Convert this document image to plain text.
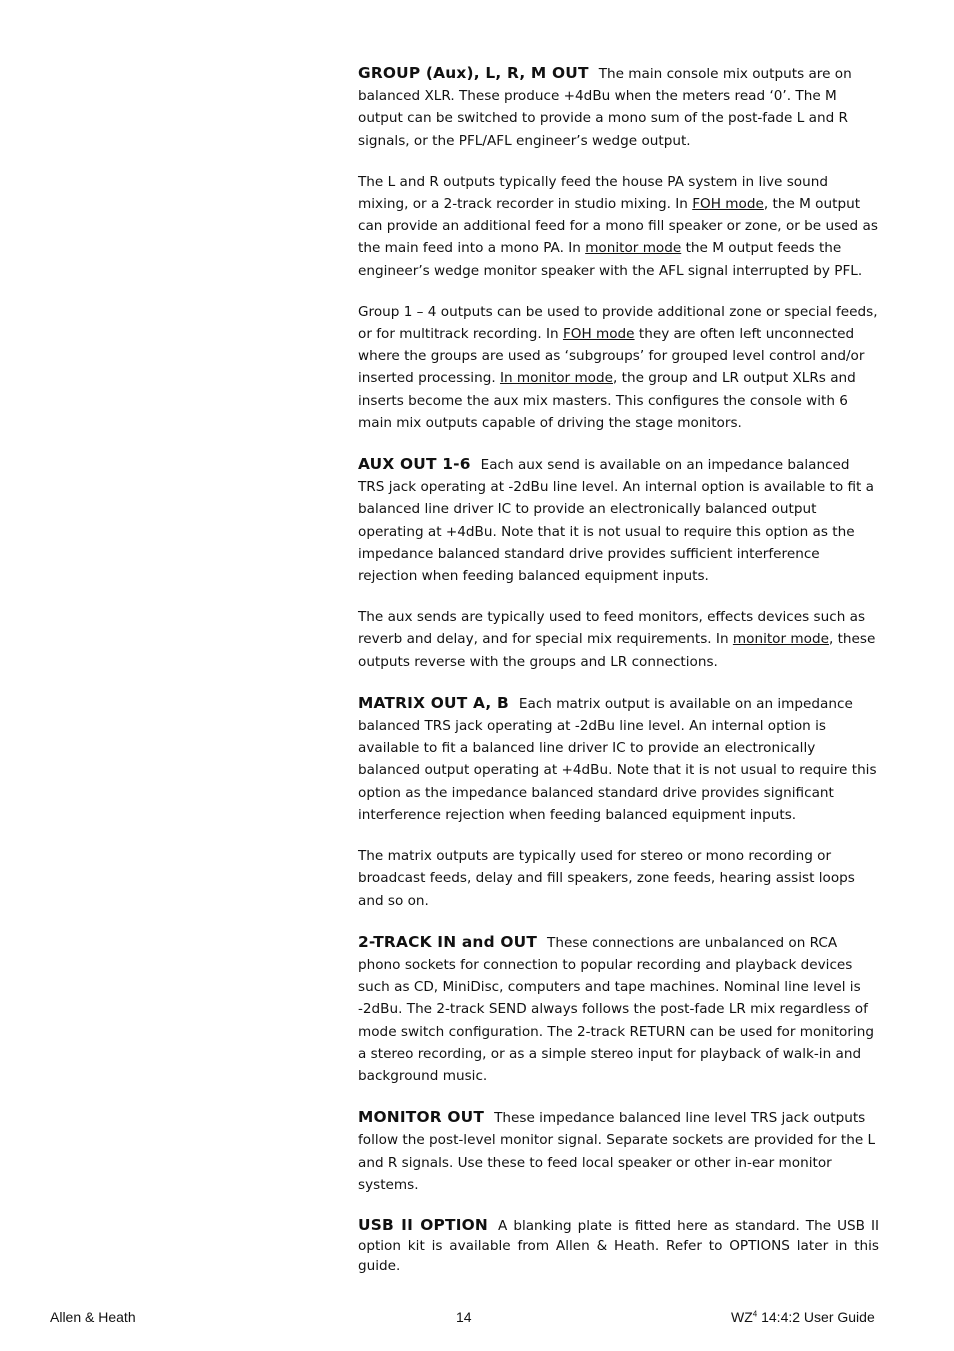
GROUP (Aux), L, R, M OUT The main console mix outputs are on balanced XLR. These produce +4dBu when the meters read ‘0’. The M output can be switched to provide a mono sum of the post-fade L and R signals, or the PFL/AFL engineer’s wedge output.

The L and R outputs typically feed the house PA system in live sound mixing, or a 2-track recorder in studio mixing. In FOH mode, the M output can provide an additional feed for a mono fill speaker or zone, or be used as the main feed into a mono PA. In monitor mode the M output feeds the engineer’s wedge monitor speaker with the AFL signal interrupted by PFL.

Group 1 – 4 outputs can be used to provide additional zone or special feeds, or for multitrack recording. In FOH mode they are often left unconnected where the groups are used as ‘subgroups’ for grouped level control and/or inserted processing. In monitor mode, the group and LR output XLRs and inserts become the aux mix masters. This configures the console with 6 main mix outputs capable of driving the stage monitors.

AUX OUT 1-6 Each aux send is available on an impedance balanced TRS jack operating at -2dBu line level. An internal option is available to fit a balanced line driver IC to provide an electronically balanced output operating at +4dBu. Note that it is not usual to require this option as the impedance balanced standard drive provides sufficient interference rejection when feeding balanced equipment inputs.

The aux sends are typically used to feed monitors, effects devices such as reverb and delay, and for special mix requirements. In monitor mode, these outputs reverse with the groups and LR connections.

MATRIX OUT A, B Each matrix output is available on an impedance balanced TRS jack operating at -2dBu line level. An internal option is available to fit a balanced line driver IC to provide an electronically balanced output operating at +4dBu. Note that it is not usual to require this option as the impedance balanced standard drive provides significant interference rejection when feeding balanced equipment inputs.

The matrix outputs are typically used for stereo or mono recording or broadcast feeds, delay and fill speakers, zone feeds, hearing assist loops and so on.

2-TRACK IN and OUT These connections are unbalanced on RCA phono sockets for connection to popular recording and playback devices such as CD, MiniDisc, computers and tape machines. Nominal line level is -2dBu. The 2-track SEND always follows the post-fade LR mix regardless of mode switch configuration. The 2-track RETURN can be used for monitoring a stereo recording, or as a simple stereo input for playback of walk-in and background music.

MONITOR OUT These impedance balanced line level TRS jack outputs follow the post-level monitor signal. Separate sockets are provided for the L and R signals. Use these to feed local speaker or other in-ear monitor systems.

USB II OPTION A blanking plate is fitted here as standard. The USB II option kit is available from Allen & Heath. Refer to OPTIONS later in this guide.

Allen & Heath	14	$WZ^4$ 14:4:2 User Guide
